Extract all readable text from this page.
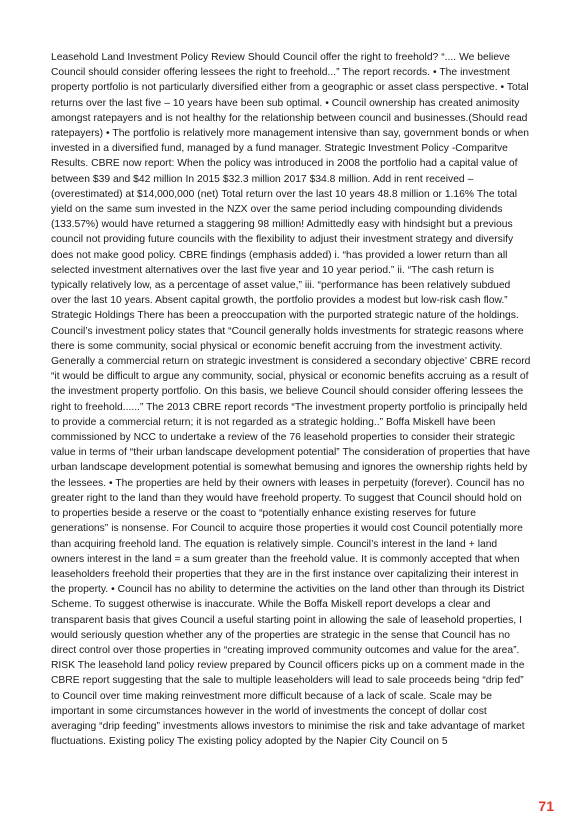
Leasehold Land Investment Policy Review Should Council offer the right to freehold? “.... We believe Council should consider offering lessees the right to freehold...” The report records. • The investment property portfolio is not particularly diversified either from a geographic or asset class perspective. • Total returns over the last five – 10 years have been sub optimal. • Council ownership has created animosity amongst ratepayers and is not healthy for the relationship between council and businesses.(Should read ratepayers) • The portfolio is relatively more management intensive than say, government bonds or when invested in a diversified fund, managed by a fund manager. Strategic Investment Policy -Comparitve Results. CBRE now report: When the policy was introduced in 2008 the portfolio had a capital value of between $39 and $42 million In 2015 $32.3 million 2017 $34.8 million. Add in rent received – (overestimated) at $14,000,000 (net) Total return over the last 10 years 48.8 million or 1.16% The total yield on the same sum invested in the NZX over the same period including compounding dividends (133.57%) would have returned a staggering 98 million! Admittedly easy with hindsight but a previous council not providing future councils with the flexibility to adjust their investment strategy and diversify does not make good policy. CBRE findings (emphasis added) i. “has provided a lower return than all selected investment alternatives over the last five year and 10 year period.” ii. “The cash return is typically relatively low, as a percentage of asset value,” iii. “performance has been relatively subdued over the last 10 years. Absent capital growth, the portfolio provides a modest but low-risk cash flow.” Strategic Holdings There has been a preoccupation with the purported strategic nature of the holdings. Council’s investment policy states that “Council generally holds investments for strategic reasons where there is some community, social physical or economic benefit accruing from the investment activity. Generally a commercial return on strategic investment is considered a secondary objective’ CBRE record “it would be difficult to argue any community, social, physical or economic benefits accruing as a result of the investment property portfolio. On this basis, we believe Council should consider offering lessees the right to freehold......” The 2013 CBRE report records “The investment property portfolio is principally held to provide a commercial return; it is not regarded as a strategic holding..” Boffa Miskell have been commissioned by NCC to undertake a review of the 76 leasehold properties to consider their strategic value in terms of “their urban landscape development potential” The consideration of properties that have urban landscape development potential is somewhat bemusing and ignores the ownership rights held by the lessees. • The properties are held by their owners with leases in perpetuity (forever). Council has no greater right to the land than they would have freehold property. To suggest that Council should hold on to properties beside a reserve or the coast to “potentially enhance existing reserves for future generations” is nonsense. For Council to acquire those properties it would cost Council potentially more than acquiring freehold land. The equation is relatively simple. Council’s interest in the land + land owners interest in the land = a sum greater than the freehold value. It is commonly accepted that when leaseholders freehold their properties that they are in the first instance over capitalizing their interest in the property. • Council has no ability to determine the activities on the land other than through its District Scheme. To suggest otherwise is inaccurate. While the Boffa Miskell report develops a clear and transparent basis that gives Council a useful starting point in allowing the sale of leasehold properties, I would seriously question whether any of the properties are strategic in the sense that Council has no direct control over those properties in “creating improved community outcomes and value for the area”. RISK The leasehold land policy review prepared by Council officers picks up on a comment made in the CBRE report suggesting that the sale to multiple leaseholders will lead to sale proceeds being “drip fed” to Council over time making reinvestment more difficult because of a lack of scale. Scale may be important in some circumstances however in the world of investments the concept of dollar cost averaging “drip feeding” investments allows investors to minimise the risk and take advantage of market fluctuations. Existing policy The existing policy adopted by the Napier City Council on 5

71
